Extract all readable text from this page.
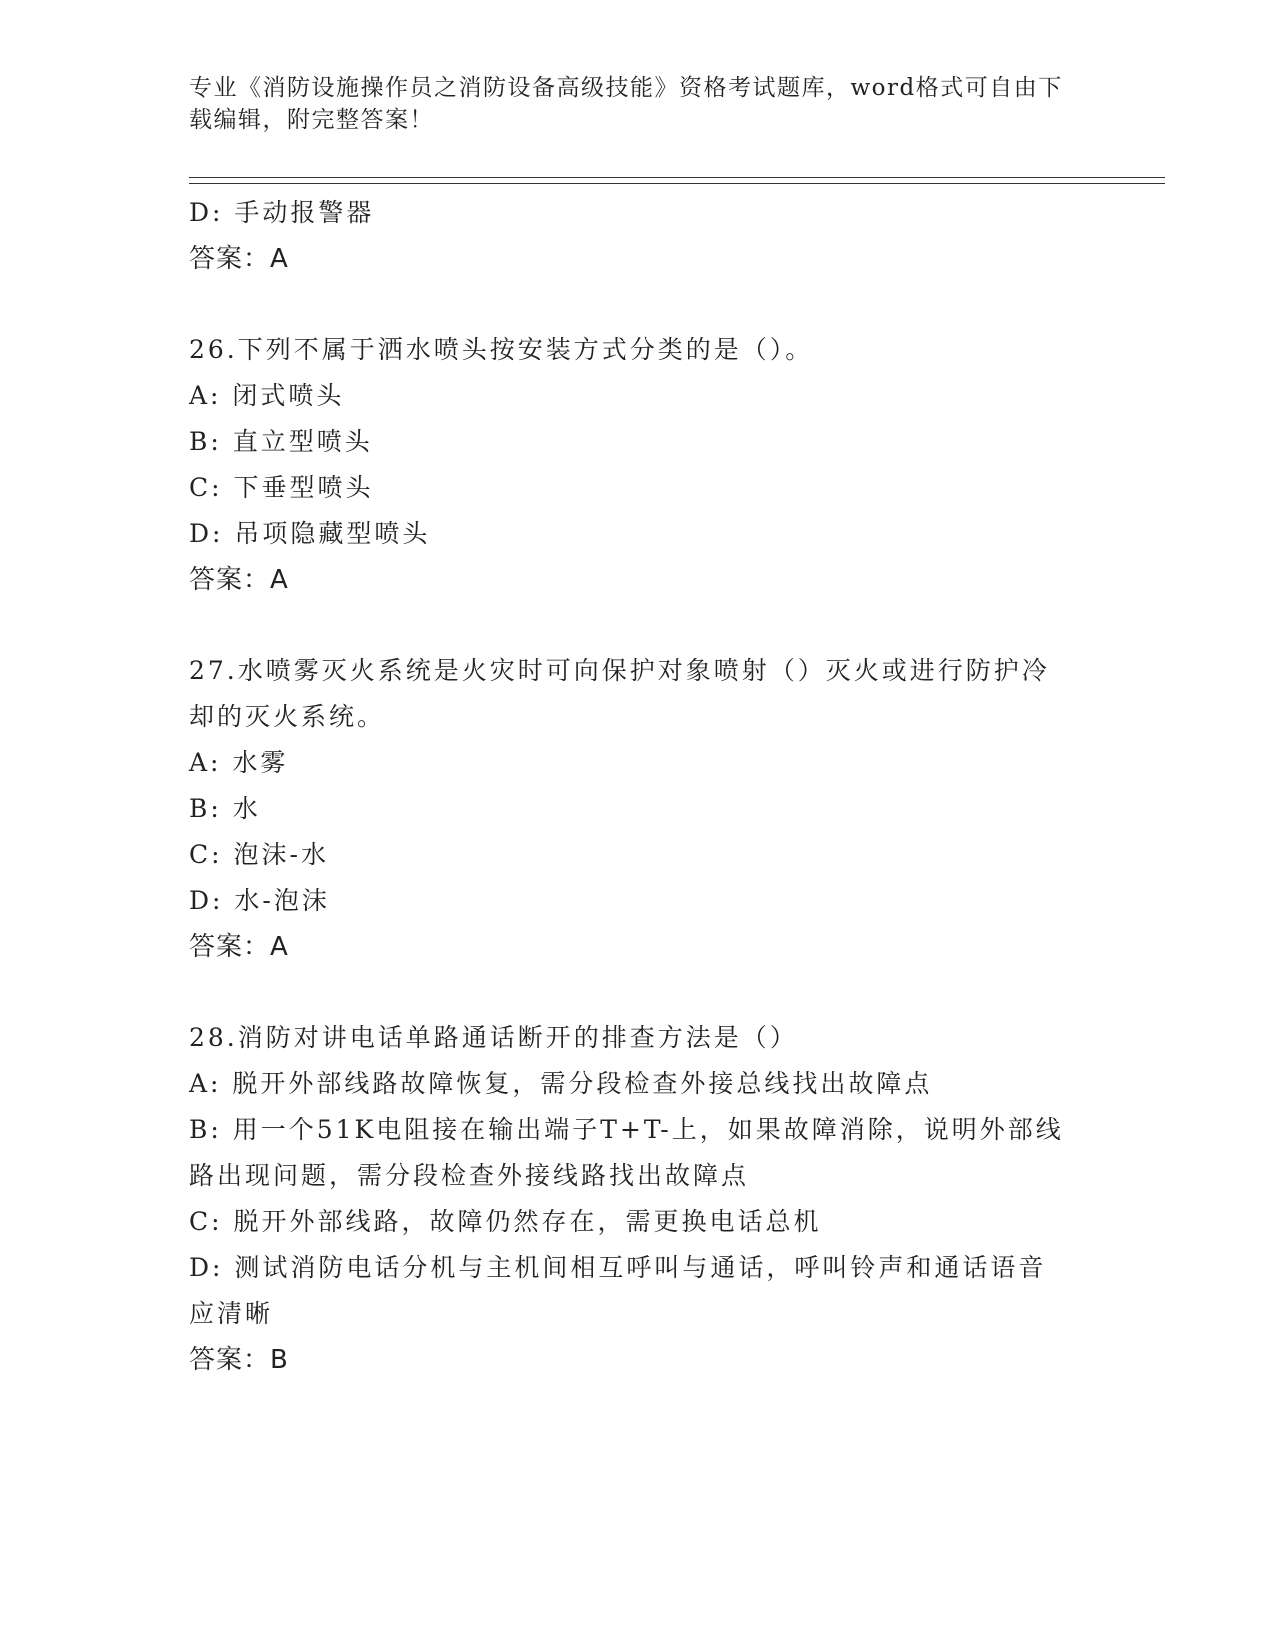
专业《消防设施操作员之消防设备高级技能》资格考试题库，word格式可自由下
载编辑，附完整答案！
D: 手动报警器
答案：A
26.下列不属于洒水喷头按安装方式分类的是（）。
A: 闭式喷头
B: 直立型喷头
C: 下垂型喷头
D: 吊项隐藏型喷头
答案：A
27.水喷雾灭火系统是火灾时可向保护对象喷射（）灭火或进行防护冷
却的灭火系统。
A: 水雾
B: 水
C: 泡沫-水
D: 水-泡沫
答案：A
28.消防对讲电话单路通话断开的排查方法是（）
A: 脱开外部线路故障恢复，需分段检查外接总线找出故障点
B: 用一个51K电阻接在输出端子T+T-上，如果故障消除，说明外部线
路出现问题，需分段检查外接线路找出故障点
C: 脱开外部线路，故障仍然存在，需更换电话总机
D: 测试消防电话分机与主机间相互呼叫与通话，呼叫铃声和通话语音
应清晰
答案：B
